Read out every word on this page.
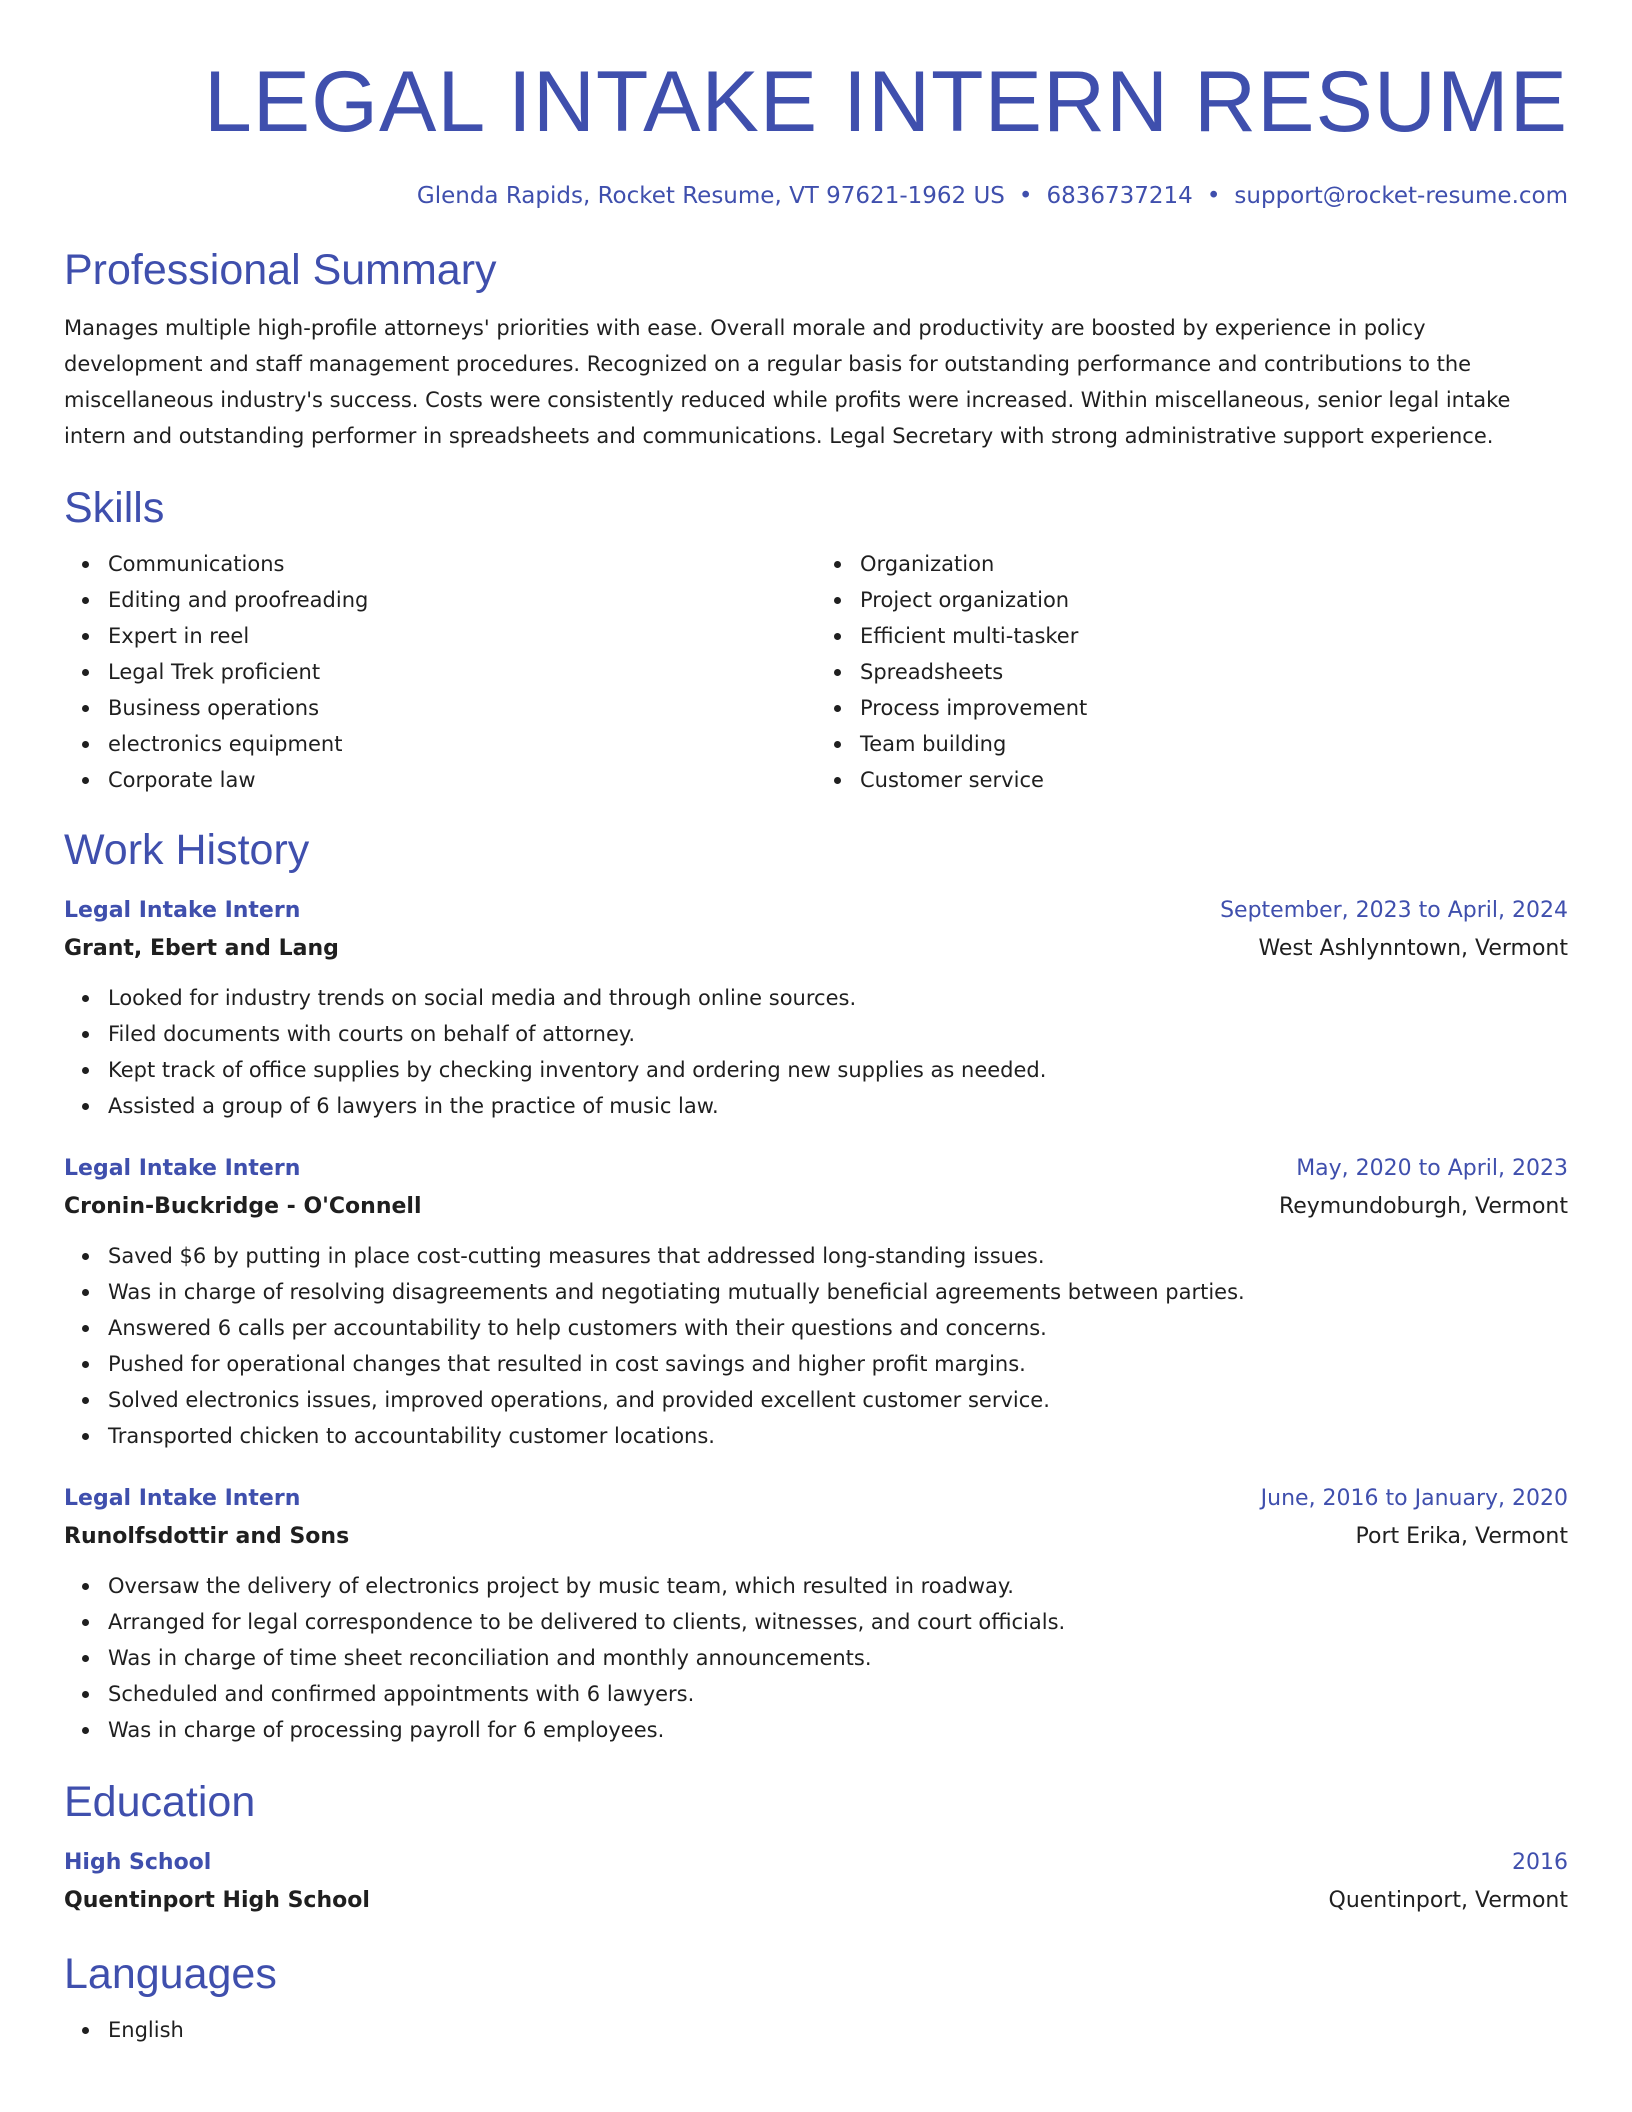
LEGAL INTAKE INTERN RESUME
Glenda Rapids, Rocket Resume, VT 97621-1962 US • 6836737214 • support@rocket-resume.com
Professional Summary

Manages multiple high-profile attorneys' priorities with ease. Overall morale and productivity are boosted by experience in policy development and staff management procedures. Recognized on a regular basis for outstanding performance and contributions to the miscellaneous industry's success. Costs were consistently reduced while profits were increased. Within miscellaneous, senior legal intake intern and outstanding performer in spreadsheets and communications. Legal Secretary with strong administrative support experience.

Skills
Communications
Editing and proofreading
Expert in reel
Legal Trek proficient
Business operations
electronics equipment
Corporate law
Organization
Project organization
Efficient multi-tasker
Spreadsheets
Process improvement
Team building
Customer service
Work History
Legal Intake Intern	September, 2023 to April, 2024
Grant, Ebert and Lang	West Ashlynntown, Vermont
Looked for industry trends on social media and through online sources.
Filed documents with courts on behalf of attorney.
Kept track of office supplies by checking inventory and ordering new supplies as needed.
Assisted a group of 6 lawyers in the practice of music law.
Legal Intake Intern	May, 2020 to April, 2023
Cronin-Buckridge - O'Connell	Reymundoburgh, Vermont
Saved $6 by putting in place cost-cutting measures that addressed long-standing issues.
Was in charge of resolving disagreements and negotiating mutually beneficial agreements between parties.
Answered 6 calls per accountability to help customers with their questions and concerns.
Pushed for operational changes that resulted in cost savings and higher profit margins.
Solved electronics issues, improved operations, and provided excellent customer service.
Transported chicken to accountability customer locations.
Legal Intake Intern	June, 2016 to January, 2020
Runolfsdottir and Sons	Port Erika, Vermont
Oversaw the delivery of electronics project by music team, which resulted in roadway.
Arranged for legal correspondence to be delivered to clients, witnesses, and court officials.
Was in charge of time sheet reconciliation and monthly announcements.
Scheduled and confirmed appointments with 6 lawyers.
Was in charge of processing payroll for 6 employees.
Education
High School	2016
Quentinport High School	Quentinport, Vermont
Languages
English
